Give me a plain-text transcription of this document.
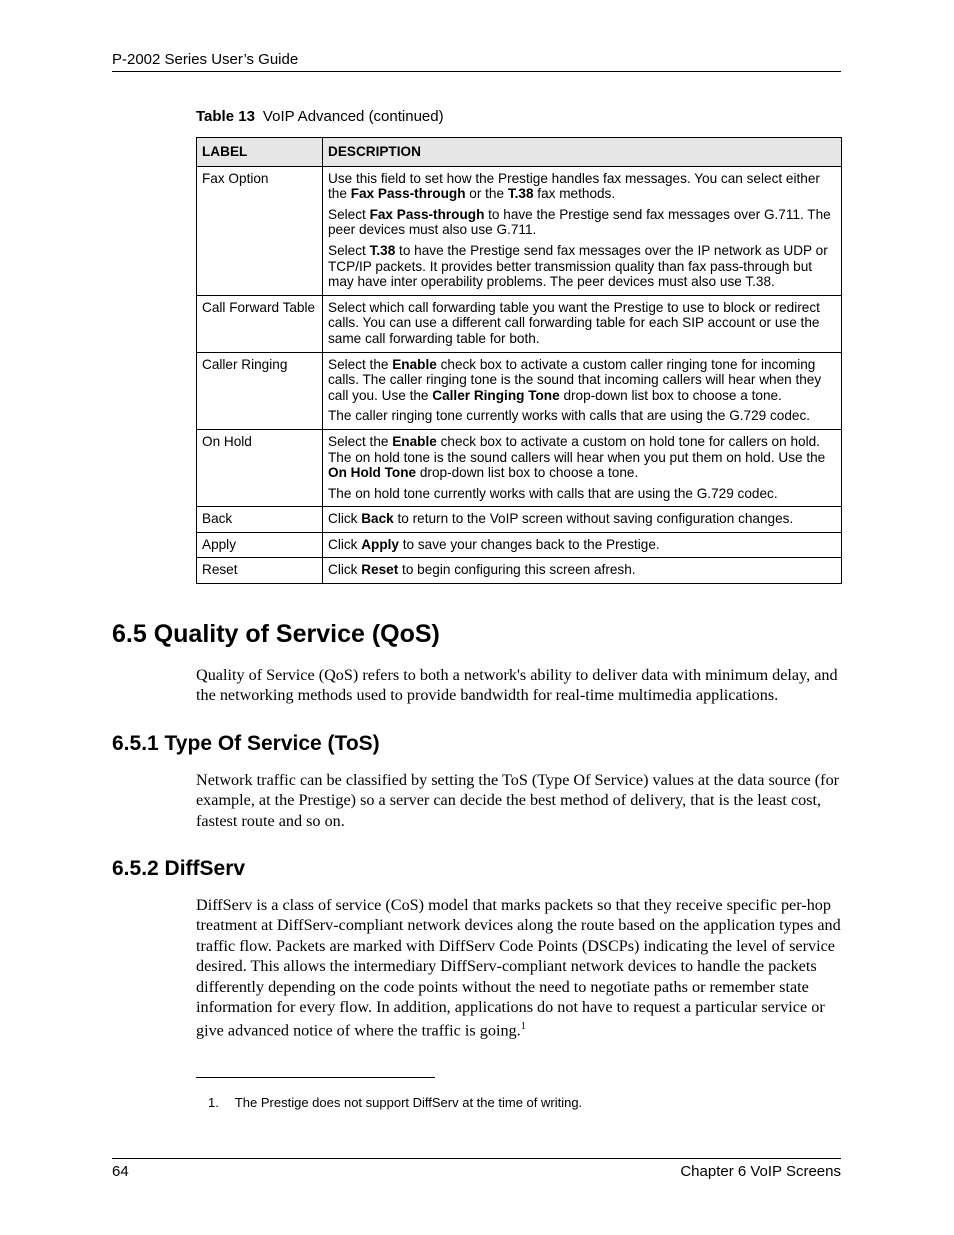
P-2002 Series User’s Guide
Table 13 VoIP Advanced (continued)
LABEL	DESCRIPTION
Fax Option	Use this field to set how the Prestige handles fax messages. You can select either the Fax Pass-through or the T.38 fax methods.

Select Fax Pass-through to have the Prestige send fax messages over G.711. The peer devices must also use G.711.

Select T.38 to have the Prestige send fax messages over the IP network as UDP or TCP/IP packets. It provides better transmission quality than fax pass-through but may have inter operability problems. The peer devices must also use T.38.

Call Forward Table	Select which call forwarding table you want the Prestige to use to block or redirect calls. You can use a different call forwarding table for each SIP account or use the same call forwarding table for both.

Caller Ringing	Select the Enable check box to activate a custom caller ringing tone for incoming calls. The caller ringing tone is the sound that incoming callers will hear when they call you. Use the Caller Ringing Tone drop-down list box to choose a tone.

The caller ringing tone currently works with calls that are using the G.729 codec.

On Hold	Select the Enable check box to activate a custom on hold tone for callers on hold. The on hold tone is the sound callers will hear when you put them on hold. Use the On Hold Tone drop-down list box to choose a tone.

The on hold tone currently works with calls that are using the G.729 codec.

Back	Click Back to return to the VoIP screen without saving configuration changes.

Apply	Click Apply to save your changes back to the Prestige.

Reset	Click Reset to begin configuring this screen afresh.

6.5 Quality of Service (QoS)

Quality of Service (QoS) refers to both a network's ability to deliver data with minimum delay, and the networking methods used to provide bandwidth for real-time multimedia applications.

6.5.1 Type Of Service (ToS)

Network traffic can be classified by setting the ToS (Type Of Service) values at the data source (for example, at the Prestige) so a server can decide the best method of delivery, that is the least cost, fastest route and so on.

6.5.2 DiffServ

DiffServ is a class of service (CoS) model that marks packets so that they receive specific per-hop treatment at DiffServ-compliant network devices along the route based on the application types and traffic flow. Packets are marked with DiffServ Code Points (DSCPs) indicating the level of service desired. This allows the intermediary DiffServ-compliant network devices to handle the packets differently depending on the code points without the need to negotiate paths or remember state information for every flow. In addition, applications do not have to request a particular service or give advanced notice of where the traffic is going.$^1$

1. The Prestige does not support DiffServ at the time of writing.
64	Chapter 6 VoIP Screens
